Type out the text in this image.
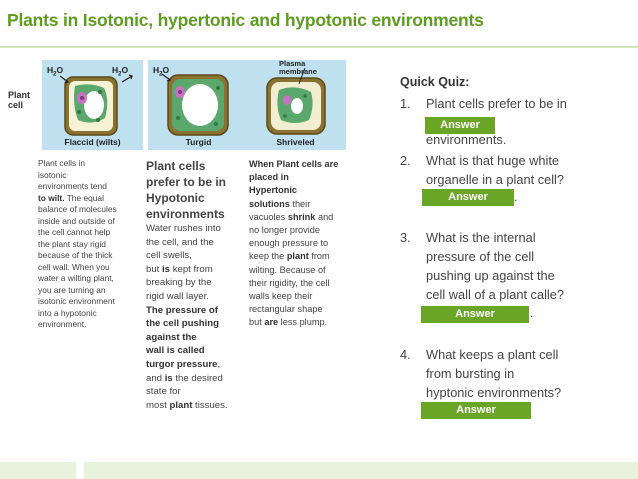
Plants in Isotonic, hypertonic and hypotonic environments
Plant
cell
$H_2O$	$H_2O$
Flaccid (wilts)
$H_2O$
Turgid
Plasma
membrane
Shriveled
Plant cells in
isotonic
environments tend
to wilt. The equal
balance of molecules
inside and outside of
the cell cannot help
the plant stay rigid
because of the thick
cell wall. When you
water a wilting plant,
you are turning an
isotonic environment
into a hypotonic
environment.
Plant cells
prefer to be in
Hypotonic
environments
Water rushes into
the cell, and the
cell swells,
but is kept from
breaking by the
rigid wall layer.
The pressure of
the cell pushing
against the
wall is called
turgor pressure,
and is the desired
state for
most plant tissues.
When Plant cells are
placed in
Hypertonic
solutions their
vacuoles shrink and
no longer provide
enough pressure to
keep the plant from
wilting. Because of
their rigidity, the cell
walls keep their
rectangular shape
but are less plump.
Quick Quiz:
1. Plant cells prefer to be in
Answer
environments.
2. What is that huge white
organelle in a plant cell?
Answer	.
3. What is the internal
pressure of the cell
pushing up against the
cell wall of a plant calle?
Answer	.
4. What keeps a plant cell
from bursting in
hyptonic environments?
Answer
